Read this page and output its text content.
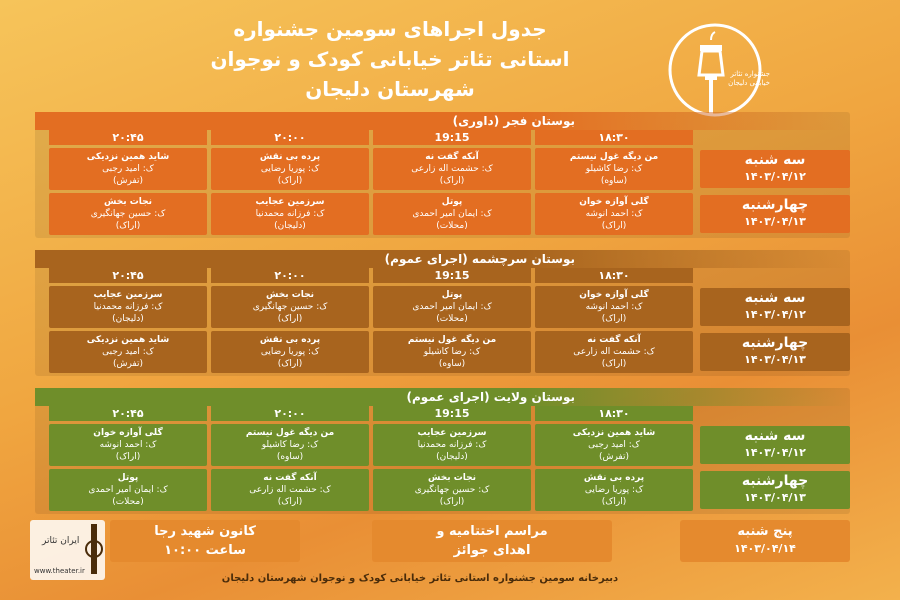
جدول اجراهای سومین جشنواره
استانی تئاتر خیابانی کودک و نوجوان
شهرستان دلیجان
جشنواره تئاتر خیابانی دلیجان
بوستان فجر (داوری)
۱۸:۳۰
19:15
۲۰:۰۰
۲۰:۴۵
سه شنبه
۱۴۰۳/۰۴/۱۲
من دیگه غول نیستم
ک: رضا کاشیلو
(ساوه)
آنکه گفت نه
ک: حشمت اله زارعی
(اراک)
پرده بی نقش
ک: پوریا رضایی
(اراک)
شاید همین نزدیکی
ک: امید رجبی
(تفرش)
چهارشنبه
۱۴۰۳/۰۴/۱۳
گلی آوازه خوان
ک: احمد انوشه
(اراک)
پوتل
ک: ایمان امیر احمدی
(محلات)
سرزمین عجایب
ک: فرزانه محمدنیا
(دلیجان)
نجات بخش
ک: حسین جهانگیری
(اراک)
بوستان سرچشمه (اجرای عموم)
۱۸:۳۰
19:15
۲۰:۰۰
۲۰:۴۵
سه شنبه
۱۴۰۳/۰۴/۱۲
گلی آوازه خوان
ک: احمد انوشه
(اراک)
پوتل
ک: ایمان امیر احمدی
(محلات)
نجات بخش
ک: حسین جهانگیری
(اراک)
سرزمین عجایب
ک: فرزانه محمدنیا
(دلیجان)
چهارشنبه
۱۴۰۳/۰۴/۱۳
آنکه گفت نه
ک: حشمت اله زارعی
(اراک)
من دیگه غول نیستم
ک: رضا کاشیلو
(ساوه)
پرده بی نقش
ک: پوریا رضایی
(اراک)
شاید همین نزدیکی
ک: امید رجبی
(تفرش)
بوستان ولایت (اجرای عموم)
۱۸:۳۰
19:15
۲۰:۰۰
۲۰:۴۵
سه شنبه
۱۴۰۳/۰۴/۱۲
شاید همین نزدیکی
ک: امید رجبی
(تفرش)
سرزمین عجایب
ک: فرزانه محمدنیا
(دلیجان)
من دیگه غول نیستم
ک: رضا کاشیلو
(ساوه)
گلی آوازه خوان
ک: احمد انوشه
(اراک)
چهارشنبه
۱۴۰۳/۰۴/۱۳
پرده بی نقش
ک: پوریا رضایی
(اراک)
نجات بخش
ک: حسین جهانگیری
(اراک)
آنکه گفت نه
ک: حشمت اله زارعی
(اراک)
پوتل
ک: ایمان امیر احمدی
(محلات)
پنج شنبه
۱۴۰۳/۰۴/۱۴
مراسم اختتامیه و
اهدای جوائز
کانون شهید رجا
ساعت ۱۰:۰۰
ایران تئاتر
www.theater.ir
دبیرخانه سومین جشنواره استانی تئاتر خیابانی کودک و نوجوان شهرستان دلیجان
